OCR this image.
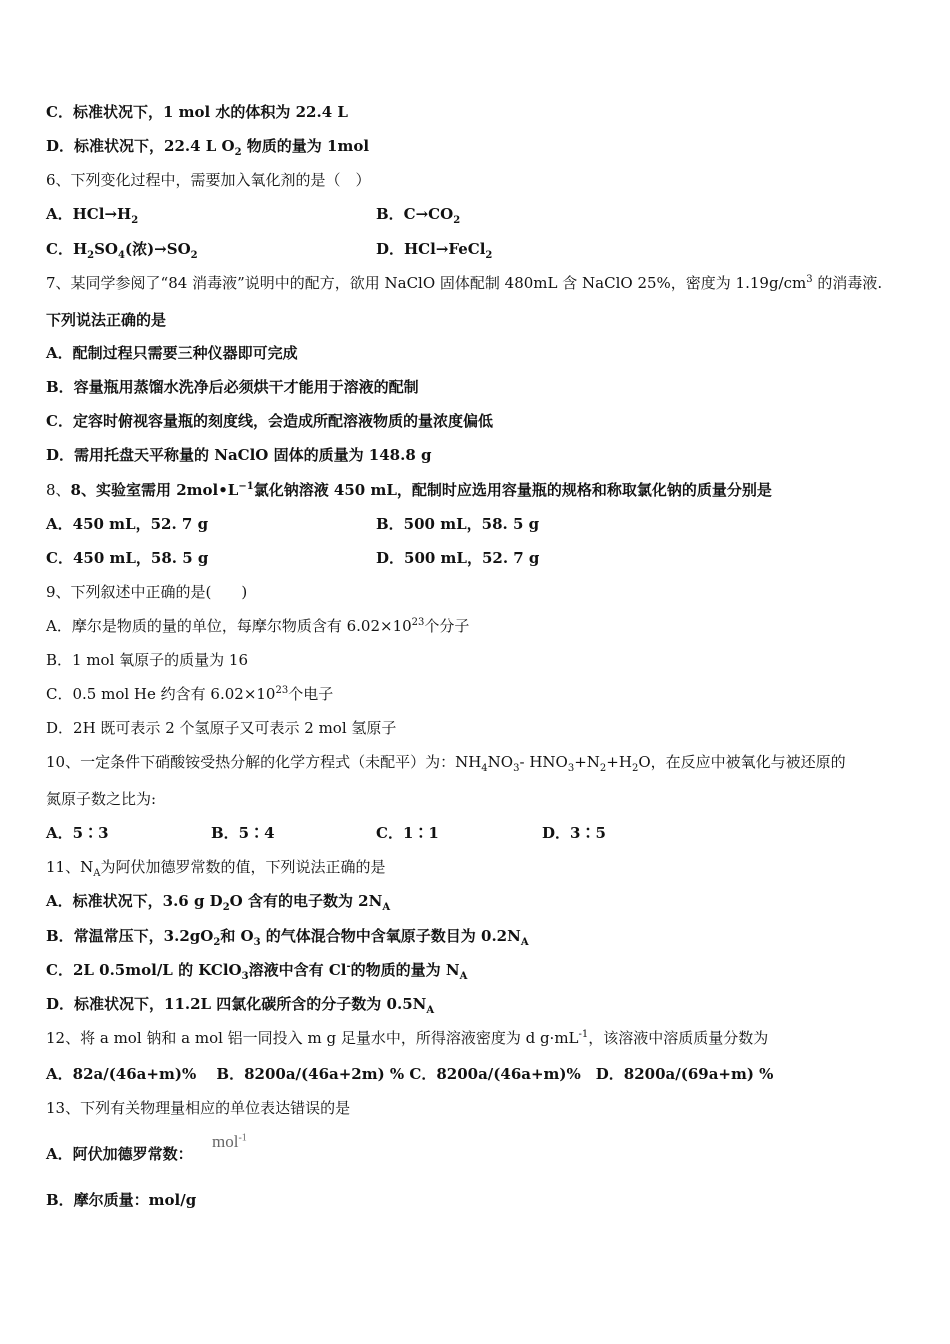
C．标准状况下，1 mol 水的体积为 22.4 L
D．标准状况下，22.4 L $O_2$ 物质的量为 1mol
6、下列变化过程中，需要加入氧化剂的是（　）
A．$HCl\to H_2$	B．$C\to CO_2$
C．$H_2SO_4$(浓)$\to SO_2$	D．HCl→FeCl$_2$
7、某同学参阅了“84 消毒液”说明中的配方，欲用 NaClO 固体配制 480mL 含 NaClO 25%，密度为 $1.19g/cm^3$ 的消毒液.
下列说法正确的是
A．配制过程只需要三种仪器即可完成
B．容量瓶用蒸馏水洗净后必须烘干才能用于溶液的配制
C．定容时俯视容量瓶的刻度线，会造成所配溶液物质的量浓度偏低
D．需用托盘天平称量的 NaClO 固体的质量为 148.8 g
8、8、实验室需用 $2mol•L^{-1}$氯化钠溶液 450 mL，配制时应选用容量瓶的规格和称取氯化钠的质量分别是
A．450 mL，52. 7 g	B．500 mL，58. 5 g
C．450 mL，58. 5 g	D．500 mL，52. 7 g
9、下列叙述中正确的是(　　)
A．摩尔是物质的量的单位，每摩尔物质含有 $6.02\times 10^{23}$个分子
B．1 mol 氧原子的质量为 16
C．0.5 mol He 约含有 $6.02\times 10^{23}$个电子
D．2H 既可表示 2 个氢原子又可表示 2 mol 氢原子
10、一定条件下硝酸铵受热分解的化学方程式（未配平）为：$NH_4NO_3-$ $HNO_3+N_2+H_2O$，在反应中被氧化与被还原的
氮原子数之比为:
A．5∶3	B．5∶4	C．1∶1	D．3∶5
11、$N_A$为阿伏加德罗常数的值，下列说法正确的是
A．标准状况下，3.6 g $D_2O$ 含有的电子数为 $2N_A$
B．常温常压下，$3.2gO_2$和 $O_3$ 的气体混合物中含氧原子数目为 $0.2N_A$
C．2L 0.5mol/L 的 KClO$_3$溶液中含有 Cl-的物质的量为 $N_A$
D．标准状况下，11.2L 四氯化碳所含的分子数为 $0.5N_A$
12、将 a mol 钠和 a mol 铝一同投入 m g 足量水中，所得溶液密度为 d $g\cdot mL^{-1}$，该溶液中溶质质量分数为
A．82a/(46a+m)%　 B．8200a/(46a+2m) % C．8200a/(46a+m)%　D．8200a/(69a+m) %
13、下列有关物理量相应的单位表达错误的是
A．阿伏加德罗常数：
mol$^{-1}$
B．摩尔质量：mol/g
